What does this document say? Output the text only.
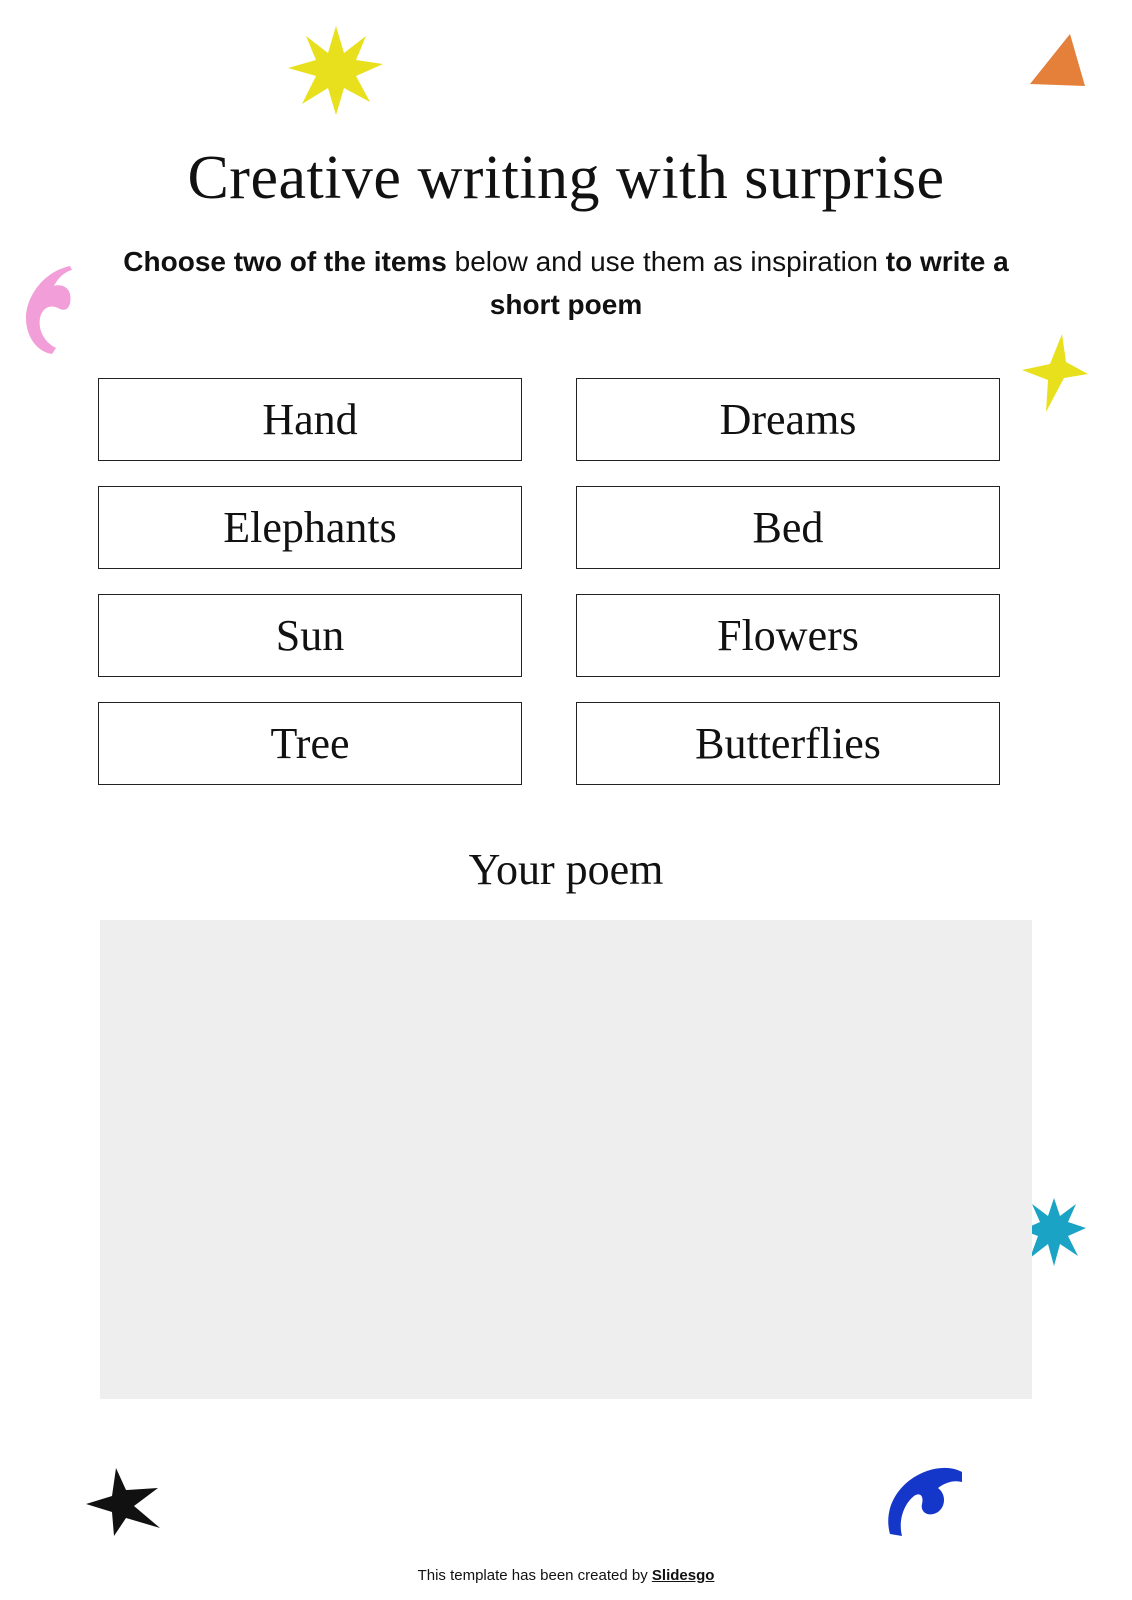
Creative writing with surprise
Choose two of the items below and use them as inspiration to write a short poem
Hand	Dreams
Elephants	Bed
Sun	Flowers
Tree	Butterflies
Your poem
This template has been created by Slidesgo
